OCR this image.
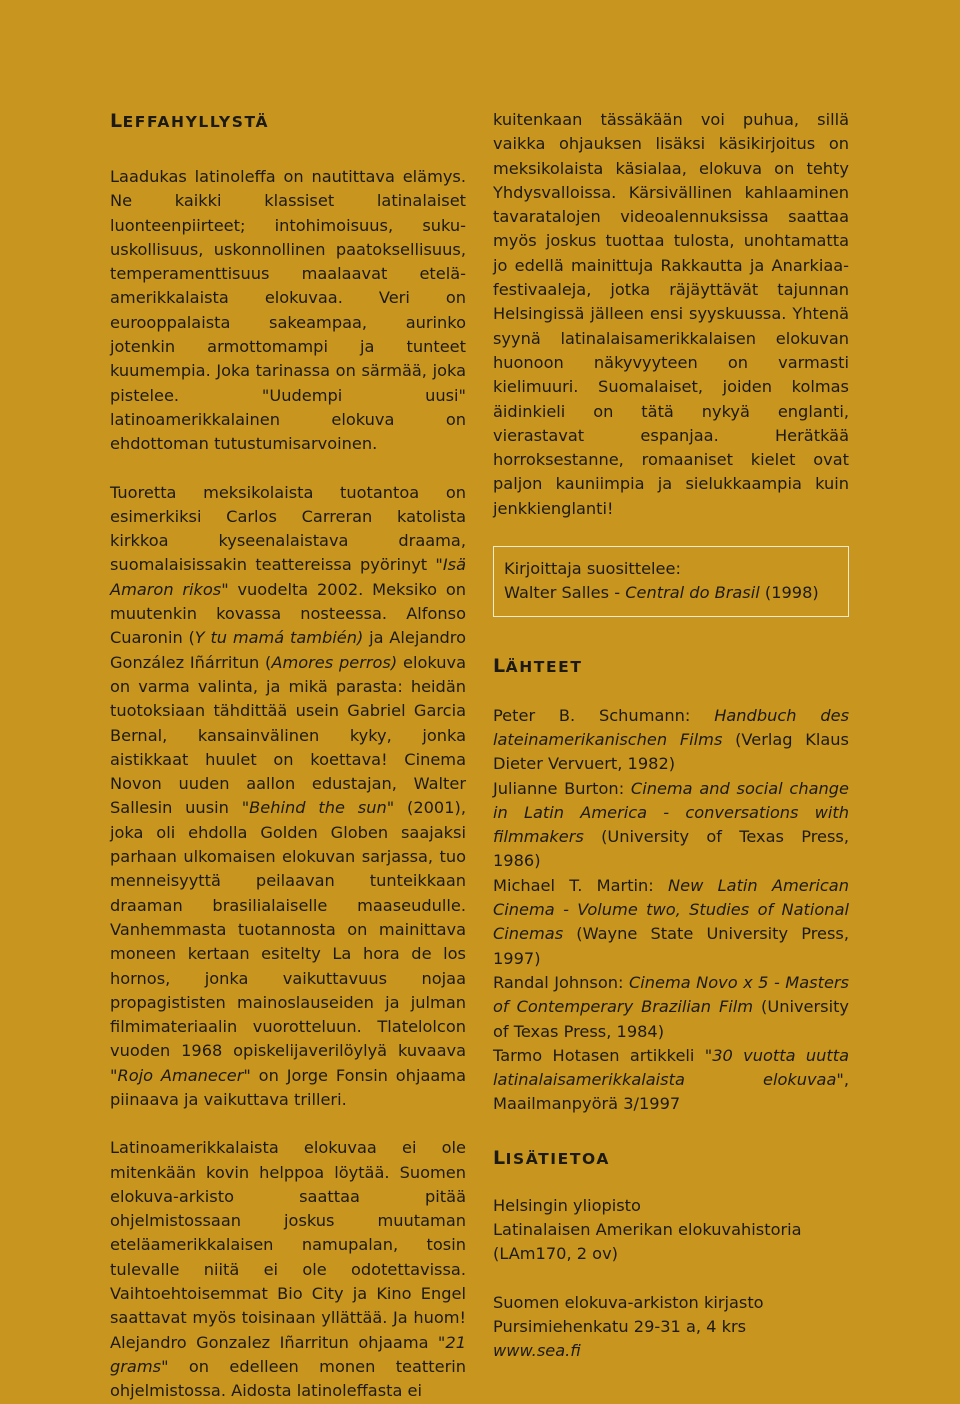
LEFFAHYLLYSTÄ

Laadukas latinoleffa on nautittava elämys. Ne kaikki klassiset latinalaiset luonteenpiirteet; intohimoisuus, suku-uskollisuus, uskonnollinen paatoksellisuus, temperamenttisuus maalaavat etelä-amerikkalaista elokuvaa. Veri on eurooppalaista sakeampaa, aurinko jotenkin armottomampi ja tunteet kuumempia. Joka tarinassa on särmää, joka pistelee. "Uudempi uusi" latinoamerikkalainen elokuva on ehdottoman tutustumisarvoinen.

Tuoretta meksikolaista tuotantoa on esimerkiksi Carlos Carreran katolista kirkkoa kyseenalaistava draama, suomalaisissakin teattereissa pyörinyt "Isä Amaron rikos" vuodelta 2002. Meksiko on muutenkin kovassa nosteessa. Alfonso Cuaronin (Y tu mamá también) ja Alejandro González Iñárritun (Amores perros) elokuva on varma valinta, ja mikä parasta: heidän tuotoksiaan tähdittää usein Gabriel Garcia Bernal, kansainvälinen kyky, jonka aistikkaat huulet on koettava! Cinema Novon uuden aallon edustajan, Walter Sallesin uusin "Behind the sun" (2001), joka oli ehdolla Golden Globen saajaksi parhaan ulkomaisen elokuvan sarjassa, tuo menneisyyttä peilaavan tunteikkaan draaman brasilialaiselle maaseudulle. Vanhemmasta tuotannosta on mainittava moneen kertaan esitelty La hora de los hornos, jonka vaikuttavuus nojaa propagististen mainoslauseiden ja julman filmimateriaalin vuorotteluun. Tlatelolcon vuoden 1968 opiskelijaverilöylyä kuvaava "Rojo Amanecer" on Jorge Fonsin ohjaama piinaava ja vaikuttava trilleri.

Latinoamerikkalaista elokuvaa ei ole mitenkään kovin helppoa löytää. Suomen elokuva-arkisto saattaa pitää ohjelmistossaan joskus muutaman eteläamerikkalaisen namupalan, tosin tulevalle niitä ei ole odotettavissa. Vaihtoehtoisemmat Bio City ja Kino Engel saattavat myös toisinaan yllättää. Ja huom! Alejandro Gonzalez Iñarritun ohjaama "21 grams" on edelleen monen teatterin ohjelmistossa. Aidosta latinoleffasta ei

kuitenkaan tässäkään voi puhua, sillä vaikka ohjauksen lisäksi käsikirjoitus on meksikolaista käsialaa, elokuva on tehty Yhdysvalloissa. Kärsivällinen kahlaaminen tavaratalojen videoalennuksissa saattaa myös joskus tuottaa tulosta, unohtamatta jo edellä mainittuja Rakkautta ja Anarkiaa- festivaaleja, jotka räjäyttävät tajunnan Helsingissä jälleen ensi syyskuussa. Yhtenä syynä latinalaisamerikkalaisen elokuvan huonoon näkyvyyteen on varmasti kielimuuri. Suomalaiset, joiden kolmas äidinkieli on tätä nykyä englanti, vierastavat espanjaa. Herätkää horroksestanne, romaaniset kielet ovat paljon kauniimpia ja sielukkaampia kuin jenkkienglanti!

Kirjoittaja suosittelee:

Walter Salles - Central do Brasil (1998)

LÄHTEET

Peter B. Schumann: Handbuch des lateinamerikanischen Films (Verlag Klaus Dieter Vervuert, 1982)

Julianne Burton: Cinema and social change in Latin America - conversations with filmmakers (University of Texas Press, 1986)

Michael T. Martin: New Latin American Cinema - Volume two, Studies of National Cinemas (Wayne State University Press, 1997)

Randal Johnson: Cinema Novo x 5 - Masters of Contemperary Brazilian Film (University of Texas Press, 1984)

Tarmo Hotasen artikkeli "30 vuotta uutta latinalaisamerikkalaista elokuvaa", Maailmanpyörä 3/1997

LISÄTIETOA

Helsingin yliopisto

Latinalaisen Amerikan elokuvahistoria

(LAm170, 2 ov)

Suomen elokuva-arkiston kirjasto

Pursimiehenkatu 29-31 a, 4 krs

www.sea.fi
